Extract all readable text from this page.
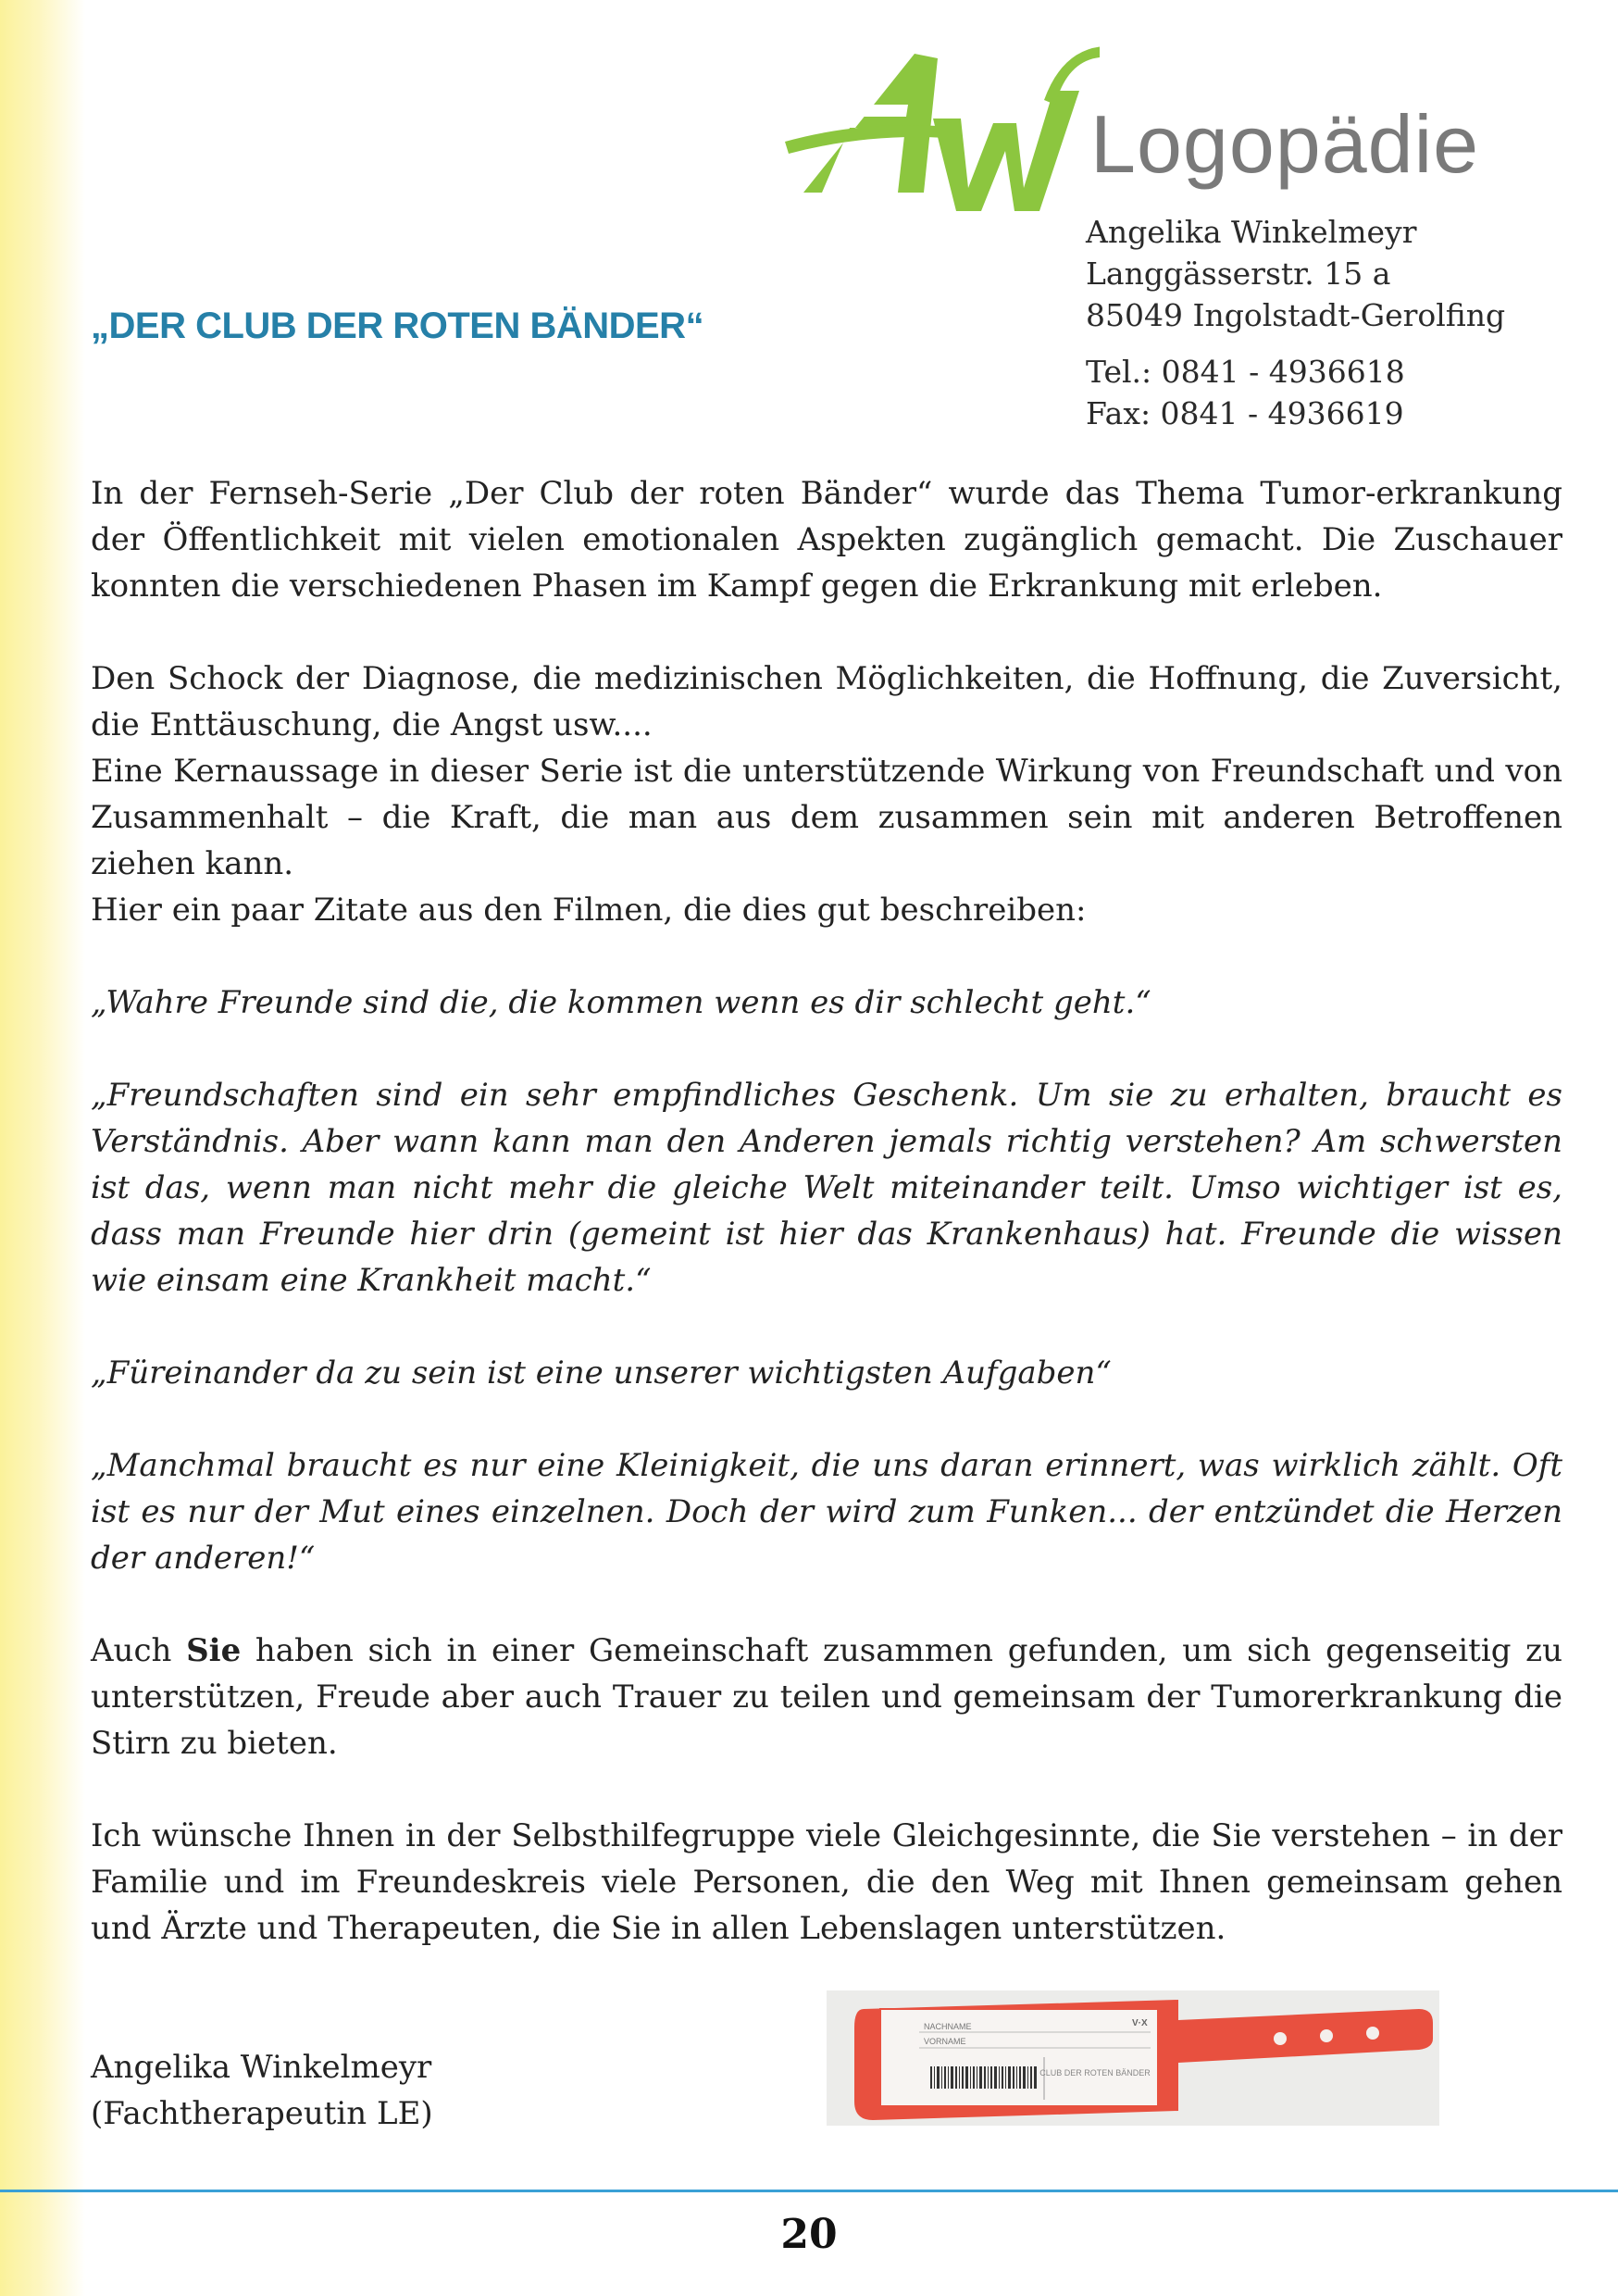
Logopädie
Angelika Winkelmeyr
Langgässerstr. 15 a
85049 Ingolstadt-Gerolfing
Tel.: 0841 - 4936618
Fax: 0841 - 4936619
„DER CLUB DER ROTEN BÄNDER“

In der Fernseh-Serie „Der Club der roten Bänder“ wurde das Thema Tumor-erkrankung der Öffentlichkeit mit vielen emotionalen Aspekten zugänglich gemacht. Die Zuschauer konnten die verschiedenen Phasen im Kampf gegen die Erkrankung mit erleben.

Den Schock der Diagnose, die medizinischen Möglichkeiten, die Hoffnung, die Zuversicht, die Enttäuschung, die Angst usw....

Eine Kernaussage in dieser Serie ist die unterstützende Wirkung von Freundschaft und von Zusammenhalt – die Kraft, die man aus dem zusammen sein mit anderen Betroffenen ziehen kann.

Hier ein paar Zitate aus den Filmen, die dies gut beschreiben:

„Wahre Freunde sind die, die kommen wenn es dir schlecht geht.“

„Freundschaften sind ein sehr empfindliches Geschenk. Um sie zu erhalten, braucht es Verständnis. Aber wann kann man den Anderen jemals richtig verstehen? Am schwersten ist das, wenn man nicht mehr die gleiche Welt miteinander teilt. Umso wichtiger ist es, dass man Freunde hier drin (gemeint ist hier das Krankenhaus) hat. Freunde die wissen wie einsam eine Krankheit macht.“

„Füreinander da zu sein ist eine unserer wichtigsten Aufgaben“

„Manchmal braucht es nur eine Kleinigkeit, die uns daran erinnert, was wirklich zählt. Oft ist es nur der Mut eines einzelnen. Doch der wird zum Funken... der entzündet die Herzen der anderen!“

Auch Sie haben sich in einer Gemeinschaft zusammen gefunden, um sich gegenseitig zu unterstützen, Freude aber auch Trauer zu teilen und gemeinsam der Tumorerkrankung die Stirn zu bieten.

Ich wünsche Ihnen in der Selbsthilfegruppe viele Gleichgesinnte, die Sie verstehen – in der Familie und im Freundeskreis viele Personen, die den Weg mit Ihnen gemeinsam gehen und Ärzte und Therapeuten, die Sie in allen Lebenslagen unterstützen.

Angelika Winkelmeyr
(Fachtherapeutin LE)
NACHNAME
VORNAME
V·X
CLUB DER ROTEN BÄNDER
20
